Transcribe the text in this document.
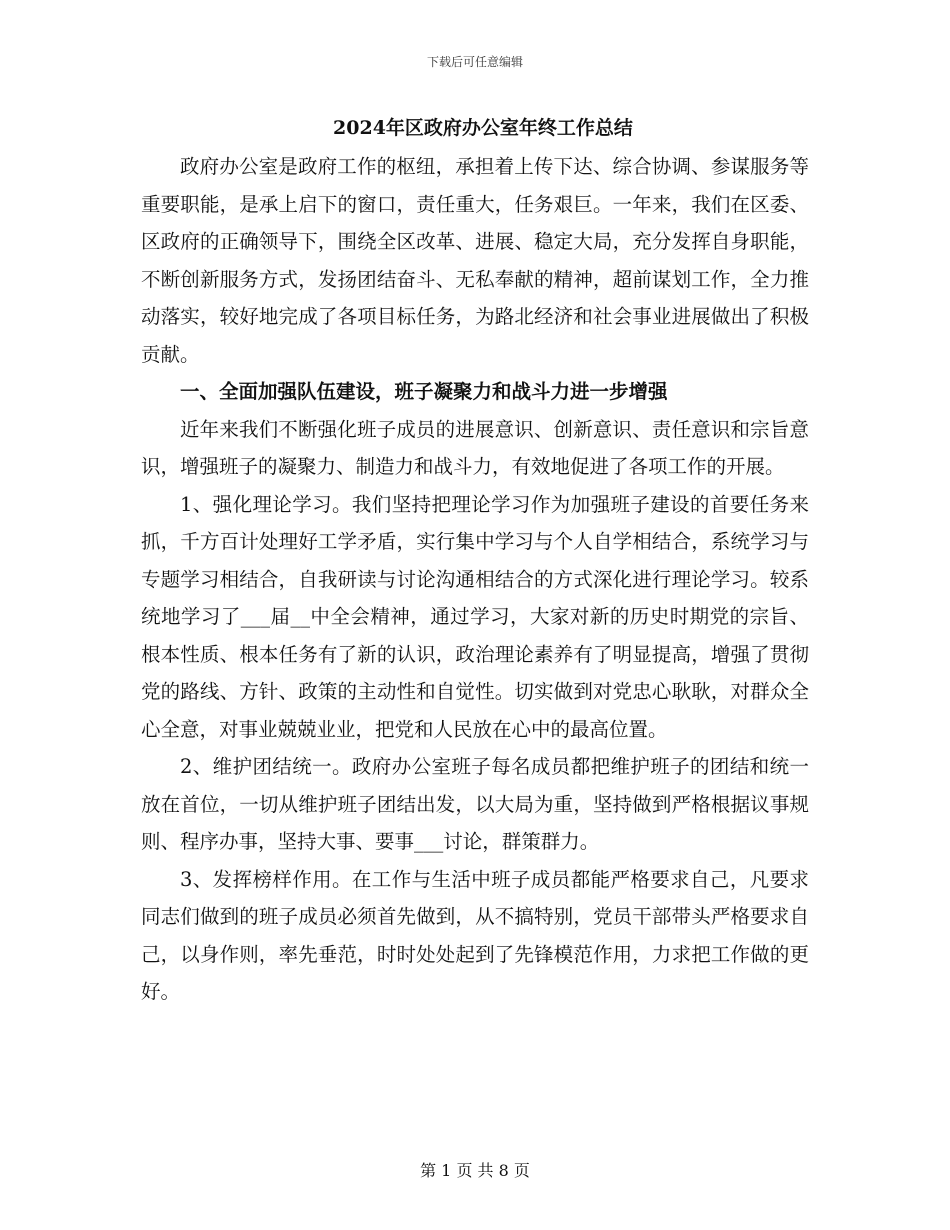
下载后可任意编辑
2024年区政府办公室年终工作总结

政府办公室是政府工作的枢纽，承担着上传下达、综合协调、参谋服务等重要职能，是承上启下的窗口，责任重大，任务艰巨。一年来，我们在区委、区政府的正确领导下，围绕全区改革、进展、稳定大局，充分发挥自身职能，不断创新服务方式，发扬团结奋斗、无私奉献的精神，超前谋划工作，全力推动落实，较好地完成了各项目标任务，为路北经济和社会事业进展做出了积极贡献。

一、全面加强队伍建设，班子凝聚力和战斗力进一步增强

近年来我们不断强化班子成员的进展意识、创新意识、责任意识和宗旨意识，增强班子的凝聚力、制造力和战斗力，有效地促进了各项工作的开展。

1、强化理论学习。我们坚持把理论学习作为加强班子建设的首要任务来抓，千方百计处理好工学矛盾，实行集中学习与个人自学相结合，系统学习与专题学习相结合，自我研读与讨论沟通相结合的方式深化进行理论学习。较系统地学习了___届__中全会精神，通过学习，大家对新的历史时期党的宗旨、根本性质、根本任务有了新的认识，政治理论素养有了明显提高，增强了贯彻党的路线、方针、政策的主动性和自觉性。切实做到对党忠心耿耿，对群众全心全意，对事业兢兢业业，把党和人民放在心中的最高位置。

2、维护团结统一。政府办公室班子每名成员都把维护班子的团结和统一放在首位，一切从维护班子团结出发，以大局为重，坚持做到严格根据议事规则、程序办事，坚持大事、要事___讨论，群策群力。

3、发挥榜样作用。在工作与生活中班子成员都能严格要求自己，凡要求同志们做到的班子成员必须首先做到，从不搞特别，党员干部带头严格要求自己，以身作则，率先垂范，时时处处起到了先锋模范作用，力求把工作做的更好。

第 1 页 共 8 页
